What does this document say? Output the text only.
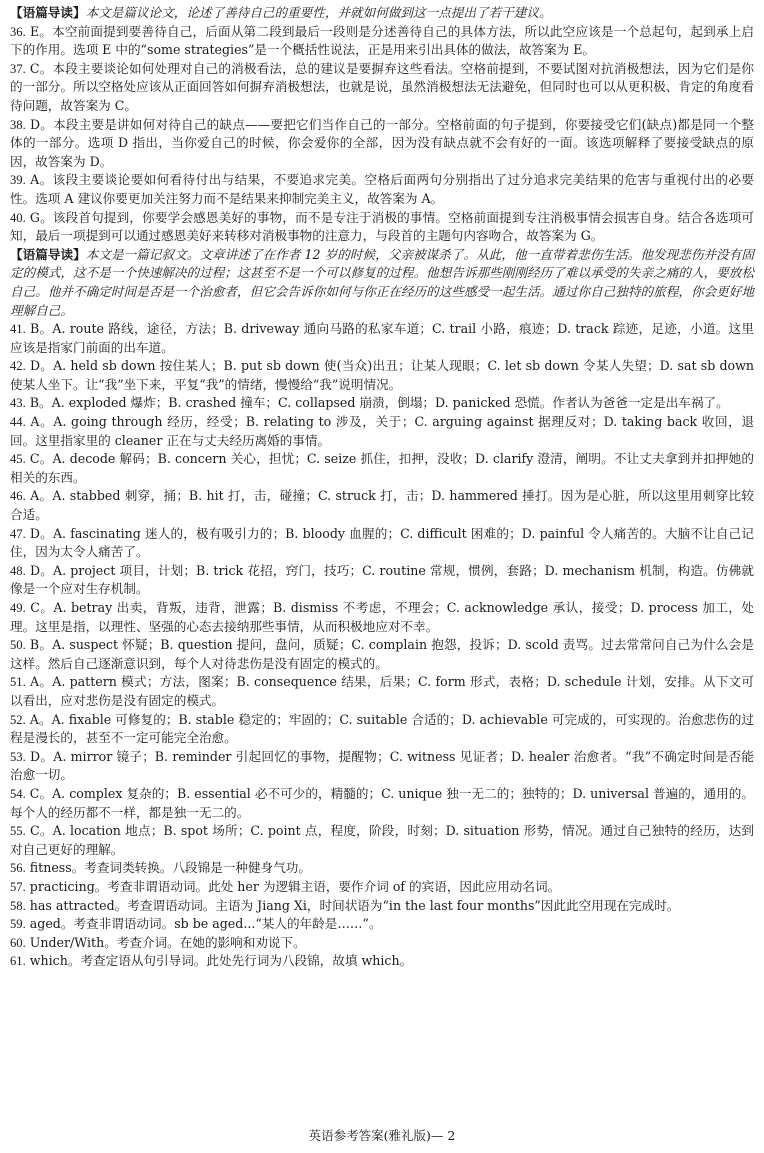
【语篇导读】本文是篇议论文，论述了善待自己的重要性，并就如何做到这一点提出了若干建议。

36. E。本空前面提到要善待自己，后面从第二段到最后一段则是分述善待自己的具体方法，所以此空应该是一个总起句，起到承上启下的作用。选项 E 中的“some strategies”是一个概括性说法，正是用来引出具体的做法，故答案为 E。

37. C。本段主要谈论如何处理对自己的消极看法，总的建议是要摒弃这些看法。空格前提到，不要试图对抗消极想法，因为它们是你的一部分。所以空格处应该从正面回答如何摒弃消极想法，也就是说，虽然消极想法无法避免，但同时也可以从更积极、肯定的角度看待问题，故答案为 C。

38. D。本段主要是讲如何对待自己的缺点——要把它们当作自己的一部分。空格前面的句子提到，你要接受它们(缺点)都是同一个整体的一部分。选项 D 指出，当你爱自己的时候，你会爱你的全部，因为没有缺点就不会有好的一面。该选项解释了要接受缺点的原因，故答案为 D。

39. A。该段主要谈论要如何看待付出与结果，不要追求完美。空格后面两句分别指出了过分追求完美结果的危害与重视付出的必要性。选项 A 建议你要更加关注努力而不是结果来抑制完美主义，故答案为 A。

40. G。该段首句提到，你要学会感恩美好的事物，而不是专注于消极的事情。空格前面提到专注消极事情会损害自身。结合各选项可知，最后一项提到可以通过感恩美好来转移对消极事物的注意力，与段首的主题句内容吻合，故答案为 G。

【语篇导读】本文是一篇记叙文。文章讲述了在作者 12 岁的时候，父亲被谋杀了。从此，他一直带着悲伤生活。他发现悲伤并没有固定的模式，这不是一个快速解决的过程；这甚至不是一个可以修复的过程。他想告诉那些刚刚经历了难以承受的失亲之痛的人，要放松自己。他并不确定时间是否是一个治愈者，但它会告诉你如何与你正在经历的这些感受一起生活。通过你自己独特的旅程，你会更好地理解自己。

41. B。A. route 路线，途径，方法；B. driveway 通向马路的私家车道；C. trail 小路，痕迹；D. track 踪迹，足迹，小道。这里应该是指家门前面的出车道。

42. D。A. held sb down 按住某人；B. put sb down 使(当众)出丑；让某人现眼；C. let sb down 令某人失望；D. sat sb down 使某人坐下。让“我”坐下来，平复“我”的情绪，慢慢给“我”说明情况。

43. B。A. exploded 爆炸；B. crashed 撞车；C. collapsed 崩溃，倒塌；D. panicked 恐慌。作者认为爸爸一定是出车祸了。

44. A。A. going through 经历，经受；B. relating to 涉及，关于；C. arguing against 据理反对；D. taking back 收回，退回。这里指家里的 cleaner 正在与丈夫经历离婚的事情。

45. C。A. decode 解码；B. concern 关心，担忧；C. seize 抓住，扣押，没收；D. clarify 澄清，阐明。不让丈夫拿到并扣押她的相关的东西。

46. A。A. stabbed 刺穿，捅；B. hit 打，击，碰撞；C. struck 打，击；D. hammered 捶打。因为是心脏，所以这里用刺穿比较合适。

47. D。A. fascinating 迷人的，极有吸引力的；B. bloody 血腥的；C. difficult 困难的；D. painful 令人痛苦的。大脑不让自己记住，因为太令人痛苦了。

48. D。A. project 项目，计划；B. trick 花招，窍门，技巧；C. routine 常规，惯例，套路；D. mechanism 机制，构造。仿佛就像是一个应对生存机制。

49. C。A. betray 出卖，背叛，违背，泄露；B. dismiss 不考虑，不理会；C. acknowledge 承认，接受；D. process 加工，处理。这里是指，以理性、坚强的心态去接纳那些事情，从而积极地应对不幸。

50. B。A. suspect 怀疑；B. question 提问，盘问，质疑；C. complain 抱怨，投诉；D. scold 责骂。过去常常问自己为什么会是这样。然后自己逐渐意识到，每个人对待悲伤是没有固定的模式的。

51. A。A. pattern 模式；方法，图案；B. consequence 结果，后果；C. form 形式，表格；D. schedule 计划，安排。从下文可以看出，应对悲伤是没有固定的模式。

52. A。A. fixable 可修复的；B. stable 稳定的；牢固的；C. suitable 合适的；D. achievable 可完成的，可实现的。治愈悲伤的过程是漫长的，甚至不一定可能完全治愈。

53. D。A. mirror 镜子；B. reminder 引起回忆的事物，提醒物；C. witness 见证者；D. healer 治愈者。“我”不确定时间是否能治愈一切。

54. C。A. complex 复杂的；B. essential 必不可少的，精髓的；C. unique 独一无二的；独特的；D. universal 普遍的，通用的。每个人的经历都不一样，都是独一无二的。

55. C。A. location 地点；B. spot 场所；C. point 点，程度，阶段，时刻；D. situation 形势，情况。通过自己独特的经历，达到对自己更好的理解。

56. fitness。考查词类转换。八段锦是一种健身气功。

57. practicing。考查非谓语动词。此处 her 为逻辑主语，要作介词 of 的宾语，因此应用动名词。

58. has attracted。考查谓语动词。主语为 Jiang Xi，时间状语为“in the last four months”因此此空用现在完成时。

59. aged。考查非谓语动词。sb be aged...“某人的年龄是……”。

60. Under/With。考查介词。在她的影响和劝说下。

61. which。考查定语从句引导词。此处先行词为八段锦，故填 which。

英语参考答案(雅礼版)— 2
